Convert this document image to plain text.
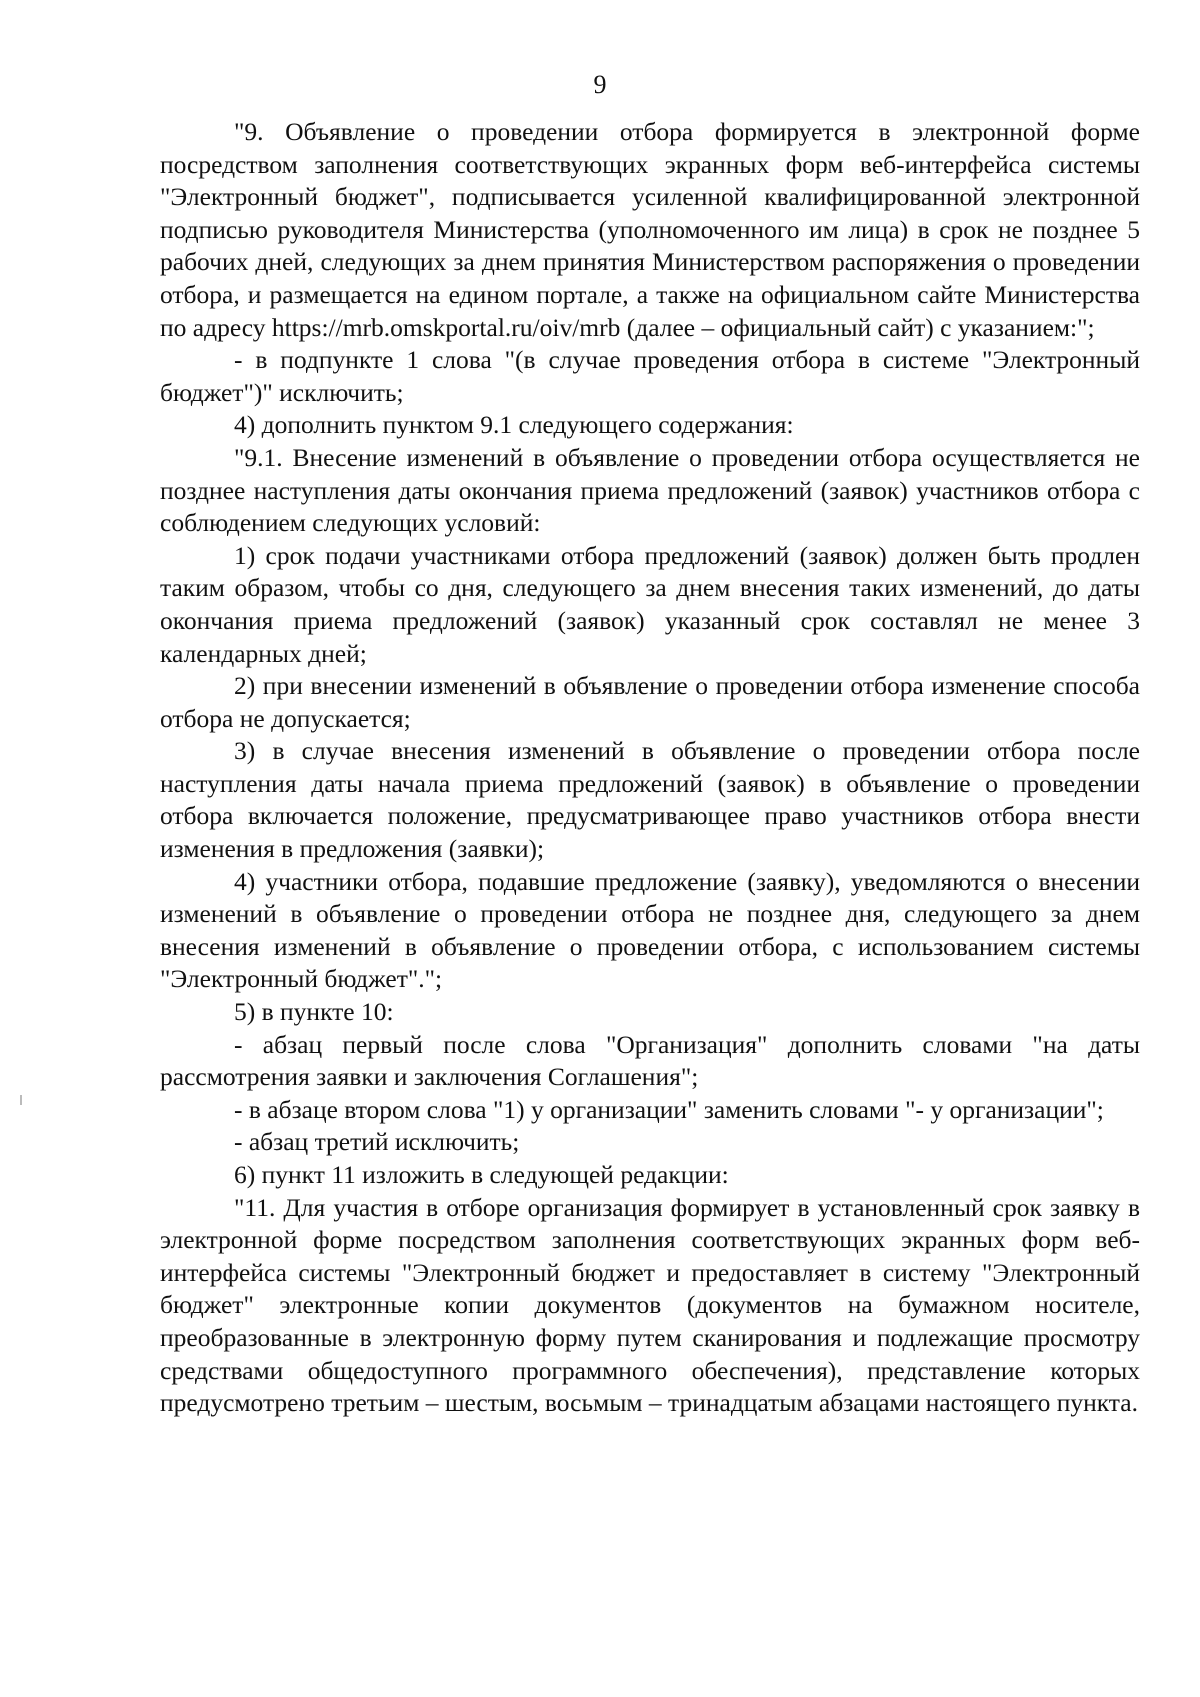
9

"9. Объявление о проведении отбора формируется в электронной форме посредством заполнения соответствующих экранных форм веб-интерфейса системы "Электронный бюджет", подписывается усиленной квалифицированной электронной подписью руководителя Министерства (уполномоченного им лица) в срок не позднее 5 рабочих дней, следующих за днем принятия Министерством распоряжения о проведении отбора, и размещается на едином портале, а также на официальном сайте Министерства по адресу https://mrb.omskportal.ru/oiv/mrb (далее – официальный сайт) с указанием:";

- в подпункте 1 слова "(в случае проведения отбора в системе "Электронный бюджет")" исключить;

4) дополнить пунктом 9.1 следующего содержания:

"9.1. Внесение изменений в объявление о проведении отбора осуществляется не позднее наступления даты окончания приема предложений (заявок) участников отбора с соблюдением следующих условий:

1) срок подачи участниками отбора предложений (заявок) должен быть продлен таким образом, чтобы со дня, следующего за днем внесения таких изменений, до даты окончания приема предложений (заявок) указанный срок составлял не менее 3 календарных дней;

2) при внесении изменений в объявление о проведении отбора изменение способа отбора не допускается;

3) в случае внесения изменений в объявление о проведении отбора после наступления даты начала приема предложений (заявок) в объявление о проведении отбора включается положение, предусматривающее право участников отбора внести изменения в предложения (заявки);

4) участники отбора, подавшие предложение (заявку), уведомляются о внесении изменений в объявление о проведении отбора не позднее дня, следующего за днем внесения изменений в объявление о проведении отбора, с использованием системы "Электронный бюджет".";

5) в пункте 10:

- абзац первый после слова "Организация" дополнить словами "на даты рассмотрения заявки и заключения Соглашения";

- в абзаце втором слова "1) у организации" заменить словами "- у организации";

- абзац третий исключить;

6) пункт 11 изложить в следующей редакции:

"11. Для участия в отборе организация формирует в установленный срок заявку в электронной форме посредством заполнения соответствующих экранных форм веб-интерфейса системы "Электронный бюджет и предоставляет в систему "Электронный бюджет" электронные копии документов (документов на бумажном носителе, преобразованные в электронную форму путем сканирования и подлежащие просмотру средствами общедоступного программного обеспечения), представление которых предусмотрено третьим – шестым, восьмым – тринадцатым абзацами настоящего пункта.
